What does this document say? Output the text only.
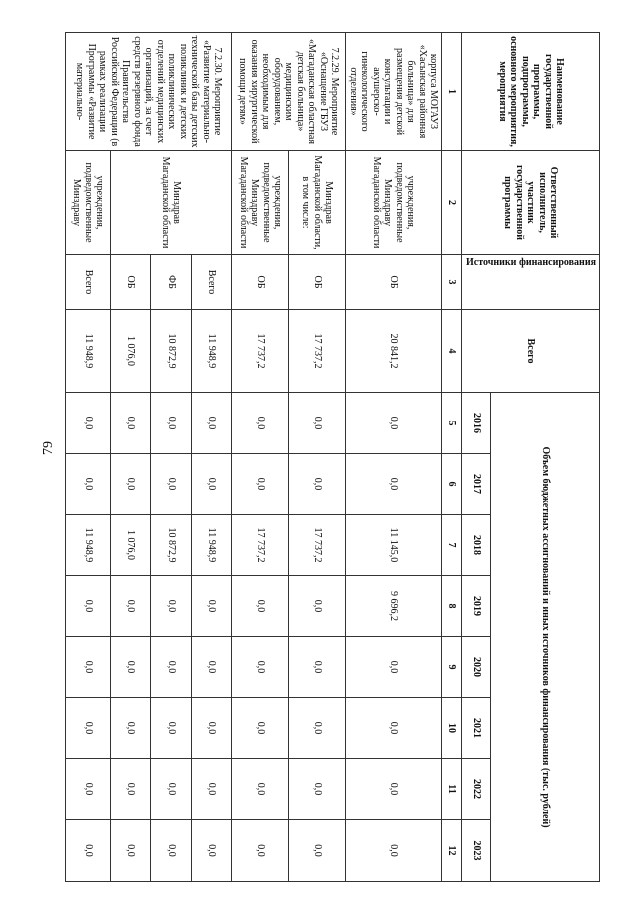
79
Наименование государственной программы, подпрограммы, основного мероприятия, мероприятия	Ответственный исполнитель, участник государственной программы	Источники финансирования	Всего	Объем бюджетных ассигнований и иных источников финансирования (тыс. рублей)							
				2016	2017	2018	2019	2020	2021	2022	2023
1	2	3	4	5	6	7	8	9	10	11	12
корпуса МОГАУЗ «Хасынская районная больница» для размещения детской консультации и акушерско-гинекологического отделения»	учреждения, подведомственные Минздраву Магаданской области	ОБ	20 841,2	0,0	0,0	11 145,0	9 696,2	0,0	0,0	0,0	0,0
7.2.29. Мероприятие «Оснащение ГБУЗ «Магаданская областная детская больница» медицинским оборудованием, необходимым для оказания хирургической помощи детям»	Минздрав Магаданской области, в том числе:	ОБ	17 737,2	0,0	0,0	17 737,2	0,0	0,0	0,0	0,0	0,0
	учреждения, подведомственные Минздраву Магаданской области	ОБ	17 737,2	0,0	0,0	17 737,2	0,0	0,0	0,0	0,0	0,0
7.2.30. Мероприятие «Развитие материально-технической базы детских поликлиник и детских поликлинических отделений медицинских организаций, за счет средств резервного фонда Правительства Российской Федерации (в рамках реализации Программы «Развитие материально-	Минздрав Магаданской области	Всего	11 948,9	0,0	0,0	11 948,9	0,0	0,0	0,0	0,0	0,0
		ФБ	10 872,9	0,0	0,0	10 872,9	0,0	0,0	0,0	0,0	0,0
		ОБ	1 076,0	0,0	0,0	1 076,0	0,0	0,0	0,0	0,0	0,0
	учреждения, подведомственные Минздраву	Всего	11 948,9	0,0	0,0	11 948,9	0,0	0,0	0,0	0,0	0,0
